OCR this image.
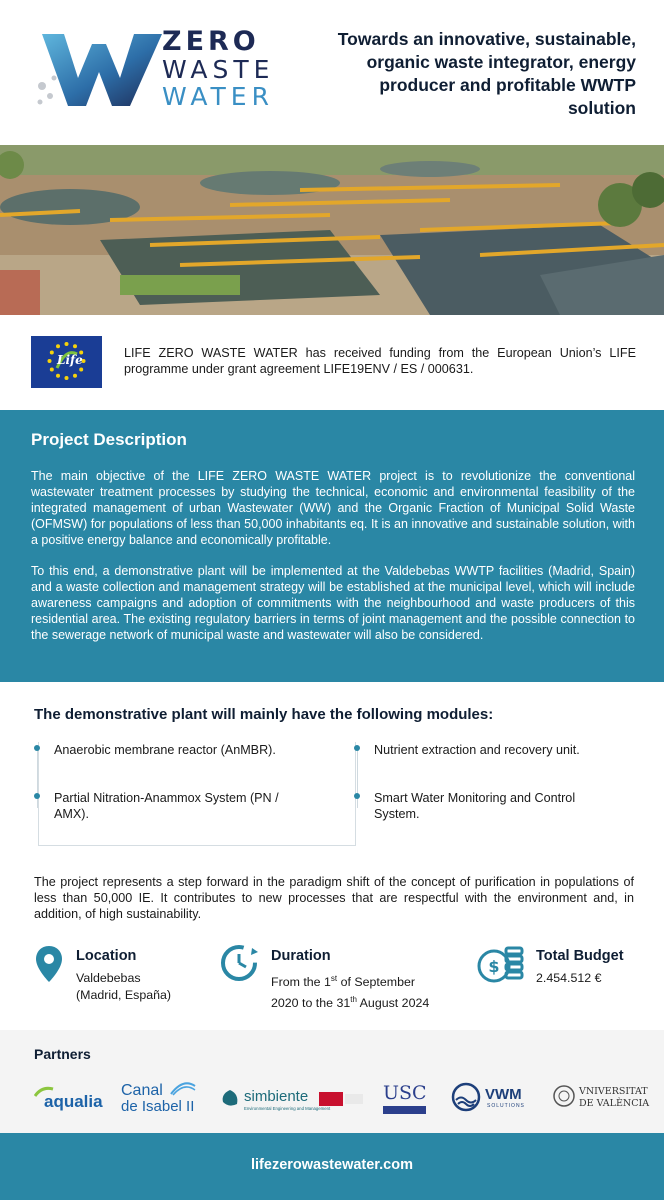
ZERO
WASTE
WATER
Towards an innovative, sustainable, organic waste integrator, energy producer and profitable WWTP solution
Life	LIFE ZERO WASTE WATER has received funding from the European Union’s LIFE programme under grant agreement LIFE19ENV / ES / 000631.
Project Description

The main objective of the LIFE ZERO WASTE WATER project is to revolutionize the conventional wastewater treatment processes by studying the technical, economic and environmental feasibility of the integrated management of urban Wastewater (WW) and the Organic Fraction of Municipal Solid Waste (OFMSW) for populations of less than 50,000 inhabitants eq. It is an innovative and sustainable solution, with a positive energy balance and economically profitable.

To this end, a demonstrative plant will be implemented at the Valdebebas WWTP facilities (Madrid, Spain) and a waste collection and management strategy will be established at the municipal level, which will include awareness campaigns and adoption of commitments with the neighbourhood and waste producers of this residential area. The existing regulatory barriers in terms of joint management and the possible connection to the sewerage network of municipal waste and wastewater will also be considered.

The demonstrative plant will mainly have the following modules:
Anaerobic membrane reactor (AnMBR).
Partial Nitration-Anammox System (PN / AMX).
Nutrient extraction and recovery unit.
Smart Water Monitoring and Control System.
The project represents a step forward in the paradigm shift of the concept of purification in populations of less than 50,000 IE. It contributes to new processes that are respectful with the environment and, in addition, of high sustainability.
Location
Valdebebas
(Madrid, España)
Duration
From the 1st of September
2020 to the 31th August 2024
$
Total Budget
2.454.512 €
Partners
aqualia
Canal
de Isabel II
simbiente
Environmental Engineering and Management
USC	VWM
SOLUTIONS
VNIVERSITAT
DE VALÈNCIA
lifezerowastewater.com
